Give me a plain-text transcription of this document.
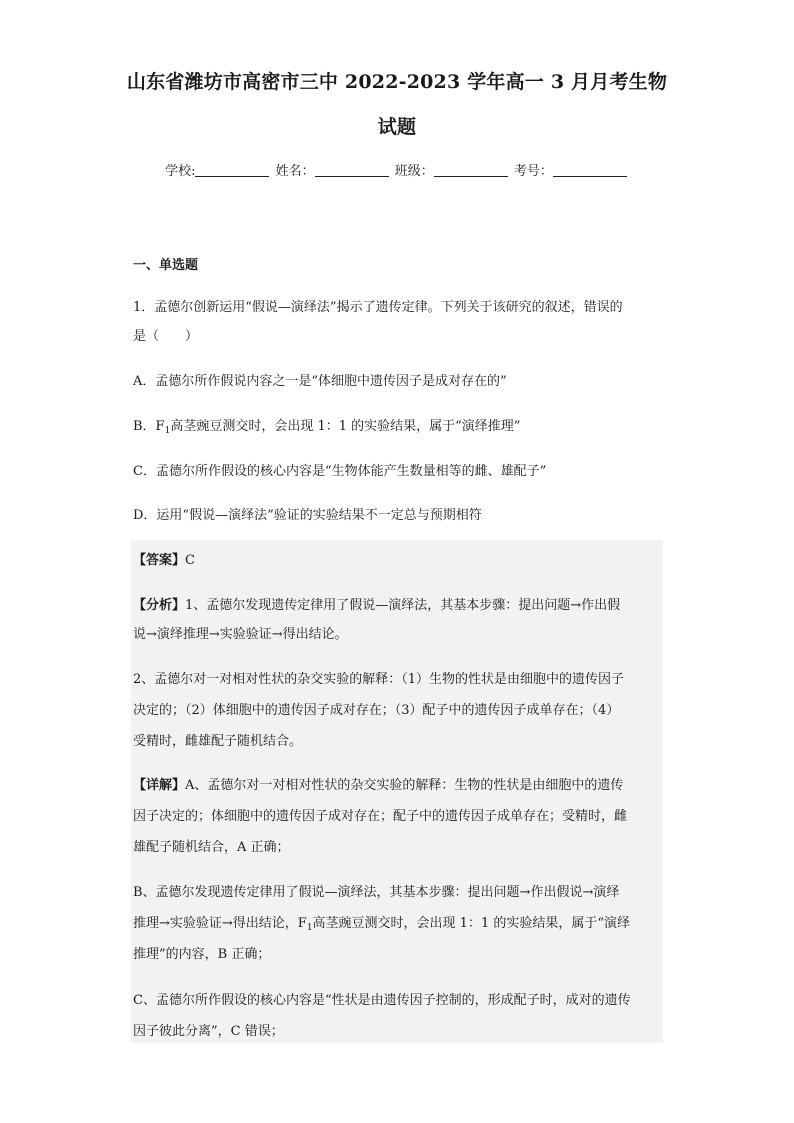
山东省潍坊市高密市三中 2022-2023 学年高一 3 月月考生物
试题
学校:	姓名：	班级：	考号：
一、单选题
1．孟德尔创新运用“假说—演绎法”揭示了遗传定律。下列关于该研究的叙述，错误的
是（　　）
A．孟德尔所作假说内容之一是“体细胞中遗传因子是成对存在的”
B．$F_1$高茎豌豆测交时，会出现 1：1 的实验结果，属于“演绎推理”
C．孟德尔所作假设的核心内容是“生物体能产生数量相等的雌、雄配子”
D．运用“假说—演绎法”验证的实验结果不一定总与预期相符
【答案】C
【分析】1、孟德尔发现遗传定律用了假说—演绎法，其基本步骤：提出问题→作出假
说→演绎推理→实验验证→得出结论。
2、孟德尔对一对相对性状的杂交实验的解释：（1）生物的性状是由细胞中的遗传因子
决定的；（2）体细胞中的遗传因子成对存在；（3）配子中的遗传因子成单存在；（4）
受精时，雌雄配子随机结合。
【详解】A、孟德尔对一对相对性状的杂交实验的解释：生物的性状是由细胞中的遗传
因子决定的；体细胞中的遗传因子成对存在；配子中的遗传因子成单存在；受精时，雌
雄配子随机结合，A 正确；
B、孟德尔发现遗传定律用了假说—演绎法，其基本步骤：提出问题→作出假说→演绎
推理→实验验证→得出结论，$F_1$高茎豌豆测交时，会出现 1：1 的实验结果，属于“演绎
推理”的内容，B 正确；
C、孟德尔所作假设的核心内容是“性状是由遗传因子控制的，形成配子时，成对的遗传
因子彼此分离”，C 错误；
